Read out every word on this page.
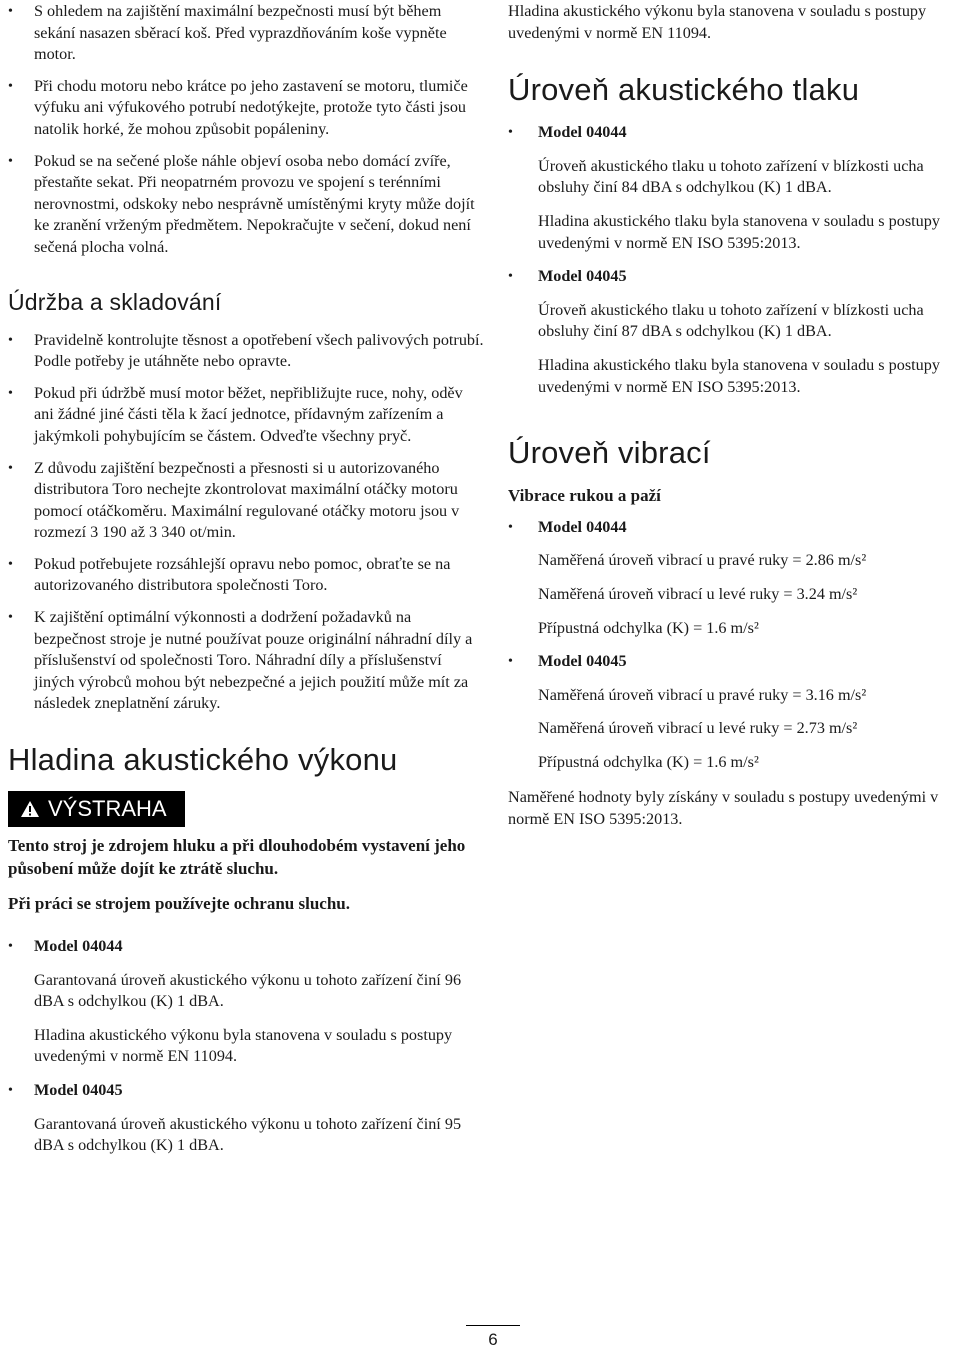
• S ohledem na zajištění maximální bezpečnosti musí být během sekání nasazen sběrací koš. Před vyprazdňováním koše vypněte motor.
• Při chodu motoru nebo krátce po jeho zastavení se motoru, tlumiče výfuku ani výfukového potrubí nedotýkejte, protože tyto části jsou natolik horké, že mohou způsobit popáleniny.
• Pokud se na sečené ploše náhle objeví osoba nebo domácí zvíře, přestaňte sekat. Při neopatrném provozu ve spojení s terénními nerovnostmi, odskoky nebo nesprávně umístěnými kryty může dojít ke zranění vrženým předmětem. Nepokračujte v sečení, dokud není sečená plocha volná.
Údržba a skladování
• Pravidelně kontrolujte těsnost a opotřebení všech palivových potrubí. Podle potřeby je utáhněte nebo opravte.
• Pokud při údržbě musí motor běžet, nepřibližujte ruce, nohy, oděv ani žádné jiné části těla k žací jednotce, přídavným zařízením a jakýmkoli pohybujícím se částem. Odveďte všechny pryč.
• Z důvodu zajištění bezpečnosti a přesnosti si u autorizovaného distributora Toro nechejte zkontrolovat maximální otáčky motoru pomocí otáčkoměru. Maximální regulované otáčky motoru jsou v rozmezí 3 190 až 3 340 ot/min.
• Pokud potřebujete rozsáhlejší opravu nebo pomoc, obraťte se na autorizovaného distributora společnosti Toro.
• K zajištění optimální výkonnosti a dodržení požadavků na bezpečnost stroje je nutné používat pouze originální náhradní díly a příslušenství od společnosti Toro. Náhradní díly a příslušenství jiných výrobců mohou být nebezpečné a jejich použití může mít za následek zneplatnění záruky.
Hladina akustického výkonu
VÝSTRAHA

Tento stroj je zdrojem hluku a při dlouhodobém vystavení jeho působení může dojít ke ztrátě sluchu.

Při práci se strojem používejte ochranu sluchu.

• Model 04044

Garantovaná úroveň akustického výkonu u tohoto zařízení činí 96 dBA s odchylkou (K) 1 dBA.

Hladina akustického výkonu byla stanovena v souladu s postupy uvedenými v normě EN 11094.

• Model 04045

Garantovaná úroveň akustického výkonu u tohoto zařízení činí 95 dBA s odchylkou (K) 1 dBA.

Hladina akustického výkonu byla stanovena v souladu s postupy uvedenými v normě EN 11094.

Úroveň akustického tlaku
• Model 04044

Úroveň akustického tlaku u tohoto zařízení v blízkosti ucha obsluhy činí 84 dBA s odchylkou (K) 1 dBA.

Hladina akustického tlaku byla stanovena v souladu s postupy uvedenými v normě EN ISO 5395:2013.

• Model 04045

Úroveň akustického tlaku u tohoto zařízení v blízkosti ucha obsluhy činí 87 dBA s odchylkou (K) 1 dBA.

Hladina akustického tlaku byla stanovena v souladu s postupy uvedenými v normě EN ISO 5395:2013.

Úroveň vibrací

Vibrace rukou a paží

• Model 04044

Naměřená úroveň vibrací u pravé ruky = 2.86 m/s²

Naměřená úroveň vibrací u levé ruky = 3.24 m/s²

Přípustná odchylka (K) = 1.6 m/s²

• Model 04045

Naměřená úroveň vibrací u pravé ruky = 3.16 m/s²

Naměřená úroveň vibrací u levé ruky = 2.73 m/s²

Přípustná odchylka (K) = 1.6 m/s²

Naměřené hodnoty byly získány v souladu s postupy uvedenými v normě EN ISO 5395:2013.

6
